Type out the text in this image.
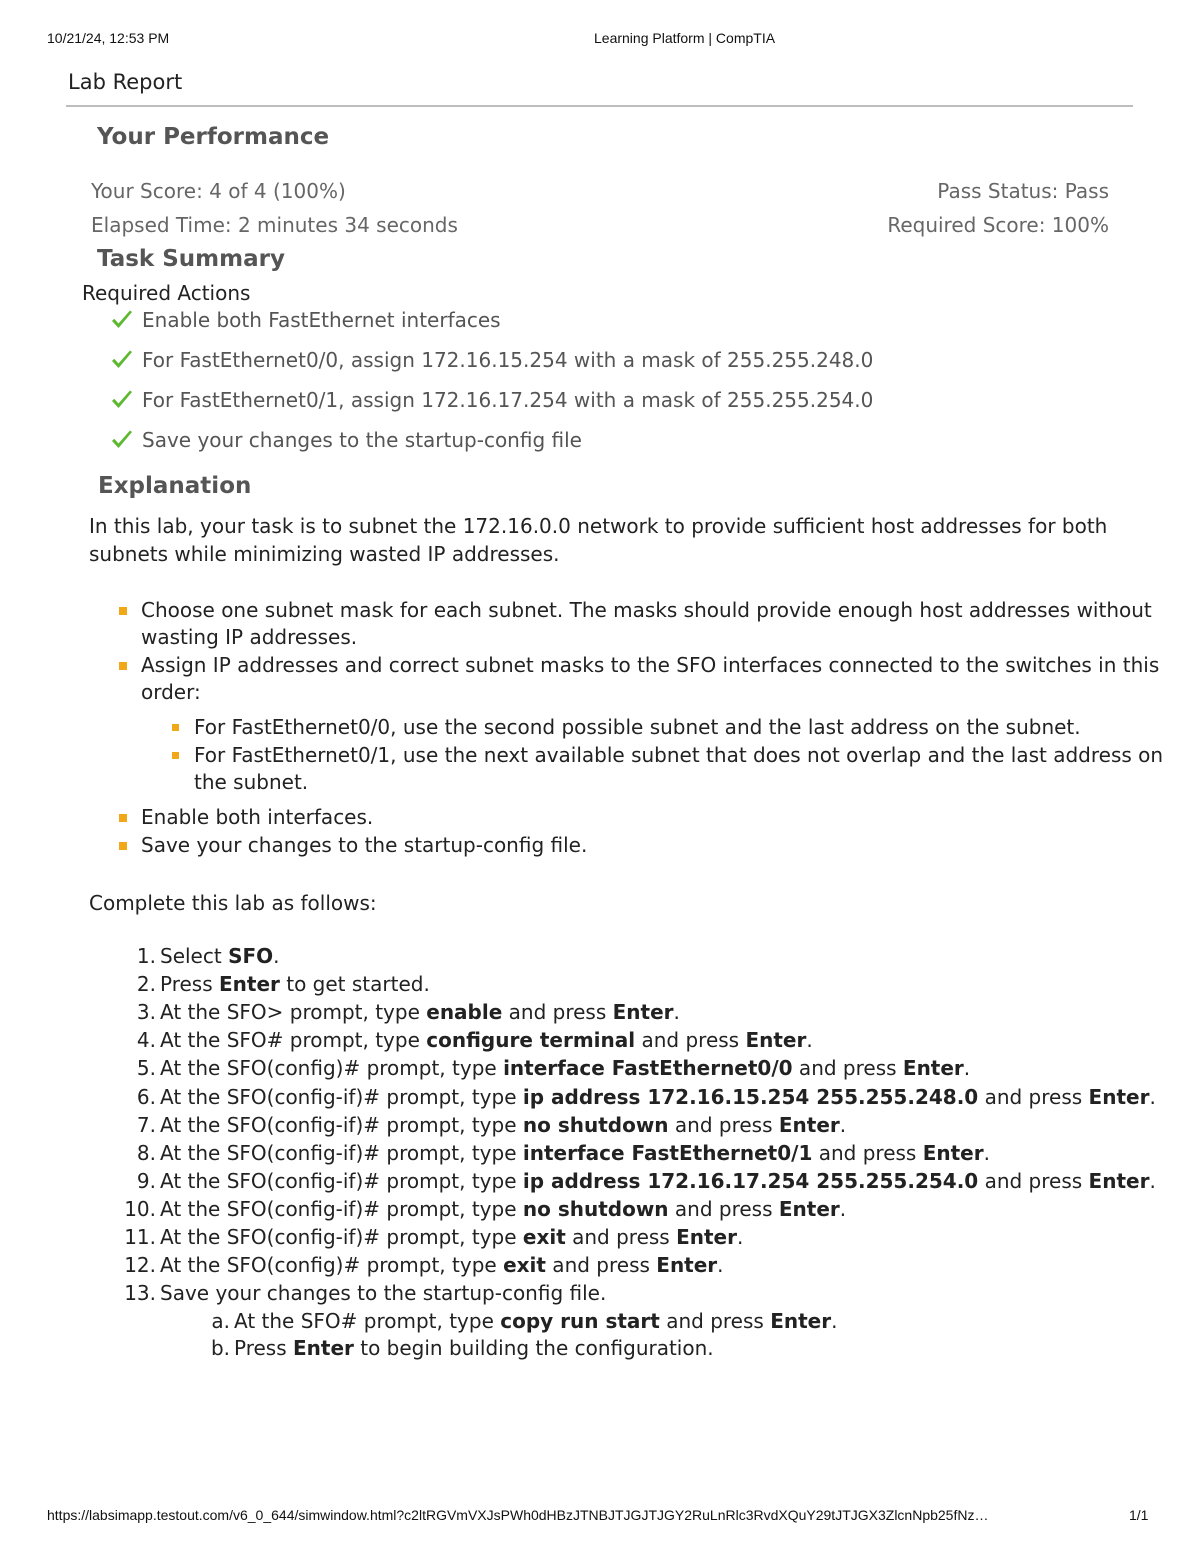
10/21/24, 12:53 PM	Learning Platform | CompTIA
Lab Report
Your Performance
Your Score: 4 of 4 (100%)
Elapsed Time: 2 minutes 34 seconds
Pass Status: Pass
Required Score: 100%
Task Summary
Required Actions
Enable both FastEthernet interfaces
For FastEthernet0/0, assign 172.16.15.254 with a mask of 255.255.248.0
For FastEthernet0/1, assign 172.16.17.254 with a mask of 255.255.254.0
Save your changes to the startup-config file
Explanation
In this lab, your task is to subnet the 172.16.0.0 network to provide sufficient host addresses for both
subnets while minimizing wasted IP addresses.
Choose one subnet mask for each subnet. The masks should provide enough host addresses without
wasting IP addresses.
Assign IP addresses and correct subnet masks to the SFO interfaces connected to the switches in this
order:
For FastEthernet0/0, use the second possible subnet and the last address on the subnet.
For FastEthernet0/1, use the next available subnet that does not overlap and the last address on
the subnet.
Enable both interfaces.
Save your changes to the startup-config file.
Complete this lab as follows:
1. Select SFO.
2. Press Enter to get started.
3. At the SFO> prompt, type enable and press Enter.
4. At the SFO# prompt, type configure terminal and press Enter.
5. At the SFO(config)# prompt, type interface FastEthernet0/0 and press Enter.
6. At the SFO(config-if)# prompt, type ip address 172.16.15.254 255.255.248.0 and press Enter.
7. At the SFO(config-if)# prompt, type no shutdown and press Enter.
8. At the SFO(config-if)# prompt, type interface FastEthernet0/1 and press Enter.
9. At the SFO(config-if)# prompt, type ip address 172.16.17.254 255.255.254.0 and press Enter.
10. At the SFO(config-if)# prompt, type no shutdown and press Enter.
11. At the SFO(config-if)# prompt, type exit and press Enter.
12. At the SFO(config)# prompt, type exit and press Enter.
13. Save your changes to the startup-config file.
a. At the SFO# prompt, type copy run start and press Enter.
b. Press Enter to begin building the configuration.
https://labsimapp.testout.com/v6_0_644/simwindow.html?c2ltRGVmVXJsPWh0dHBzJTNBJTJGJTJGY2RuLnRlc3RvdXQuY29tJTJGX3ZlcnNpb25fNz…	1/1
